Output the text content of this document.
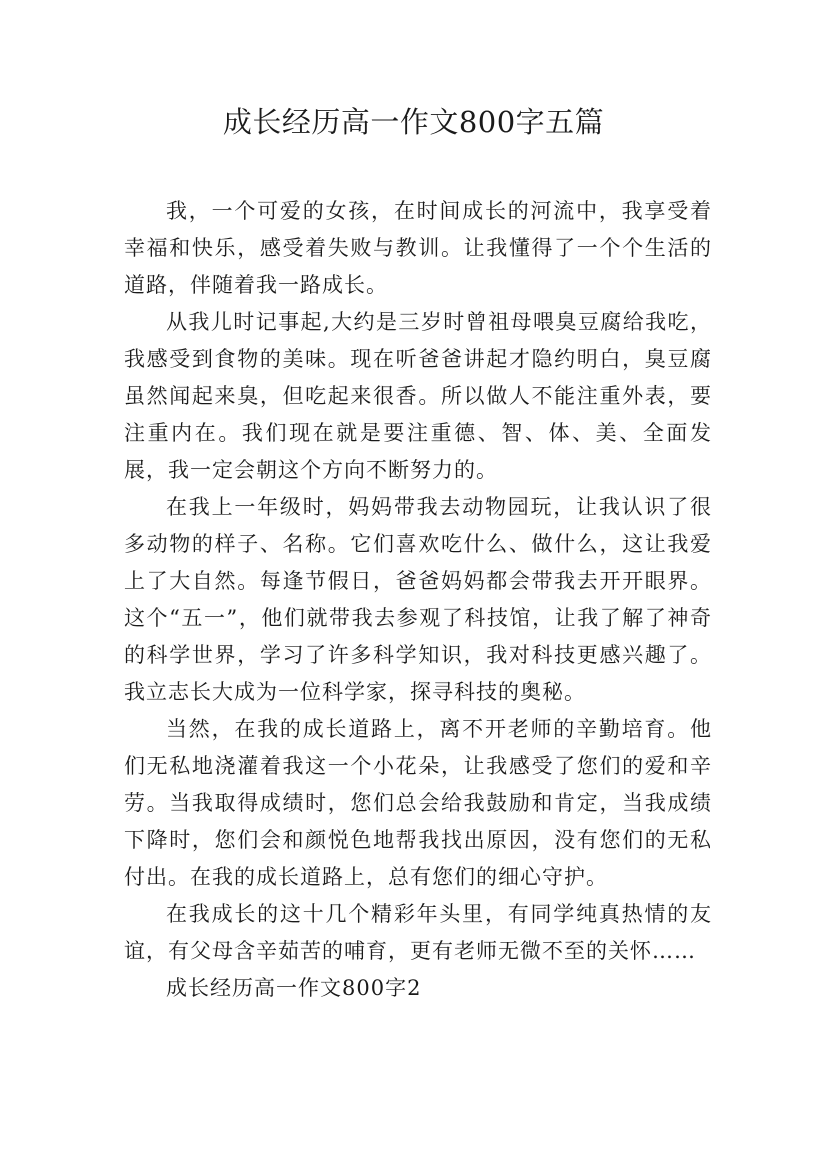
成长经历高一作文800字五篇

我，一个可爱的女孩，在时间成长的河流中，我享受着幸福和快乐，感受着失败与教训。让我懂得了一个个生活的道路，伴随着我一路成长。

从我儿时记事起,大约是三岁时曾祖母喂臭豆腐给我吃，我感受到食物的美味。现在听爸爸讲起才隐约明白，臭豆腐虽然闻起来臭，但吃起来很香。所以做人不能注重外表，要注重内在。我们现在就是要注重德、智、体、美、全面发展，我一定会朝这个方向不断努力的。

在我上一年级时，妈妈带我去动物园玩，让我认识了很多动物的样子、名称。它们喜欢吃什么、做什么，这让我爱上了大自然。每逢节假日，爸爸妈妈都会带我去开开眼界。这个“五一”，他们就带我去参观了科技馆，让我了解了神奇的科学世界，学习了许多科学知识，我对科技更感兴趣了。我立志长大成为一位科学家，探寻科技的奥秘。

当然，在我的成长道路上，离不开老师的辛勤培育。他们无私地浇灌着我这一个小花朵，让我感受了您们的爱和辛劳。当我取得成绩时，您们总会给我鼓励和肯定，当我成绩下降时，您们会和颜悦色地帮我找出原因，没有您们的无私付出。在我的成长道路上，总有您们的细心守护。

在我成长的这十几个精彩年头里，有同学纯真热情的友谊，有父母含辛茹苦的哺育，更有老师无微不至的关怀……

成长经历高一作文800字2
